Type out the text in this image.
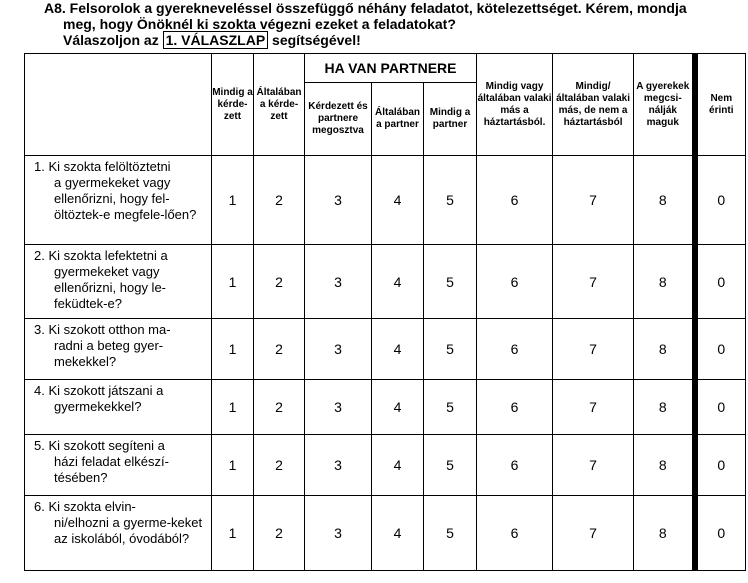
A8. Felsorolok a gyerekneveléssel összefüggő néhány feladatot, kötelezettséget. Kérem, mondja
meg, hogy Önöknél ki szokta végezni ezeket a feladatokat?
Válaszoljon az 1. VÁLASZLAP segítségével!
	Mindig a kérde-zett	Általában a kérde-zett	HA VAN PARTNERE			Mindig vagy általában valaki más a háztartásból.	Mindig/ általában valaki más, de nem a háztartásból	A gyerekek megcsi-nálják maguk	Nem érinti
			Kérdezett és partnere megosztva	Általában a partner	Mindig a partner				

1. Ki szokta felöltöztetni
a gyermekeket vagy ellenőrizni, hogy fel-öltöztek-e megfele-lően?	1	2	3	4	5	6	7	8	0

2. Ki szokta lefektetni a
gyermekeket vagy ellenőrizni, hogy le-feküdtek-e?	1	2	3	4	5	6	7	8	0

3. Ki szokott otthon ma-
radni a beteg gyer-mekekkel?	1	2	3	4	5	6	7	8	0

4. Ki szokott játszani a
gyermekekkel?	1	2	3	4	5	6	7	8	0

5. Ki szokott segíteni a
házi feladat elkészí-tésében?	1	2	3	4	5	6	7	8	0

6. Ki szokta elvin-
ni/elhozni a gyerme-keket az iskolából, óvodából?	1	2	3	4	5	6	7	8	0
